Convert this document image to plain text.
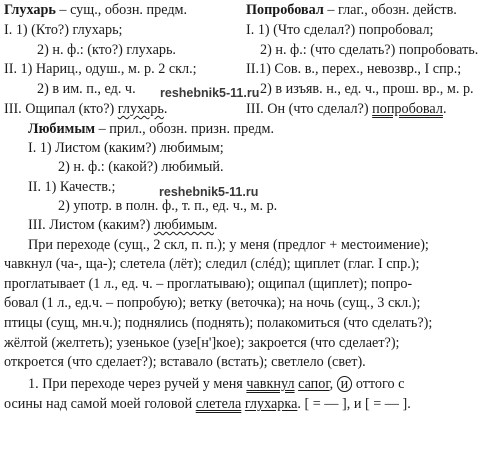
Глухарь – сущ., обозн. предм.
I. 1) (Кто?) глухарь;
2) н. ф.: (кто?) глухарь.
II. 1) Нариц., одуш., м. р. 2 скл.;
2) в им. п., ед. ч.
III. Ощипал (кто?) глухарь.
reshebnik5-11.ru
Попробовал – глаг., обозн. действ.
I. 1) (Что сделал?) попробовал;
2) н. ф.: (что сделать?) попробовать.
II.1) Сов. в., перех., невозвр., I спр.;
2) в изъяв. н., ед. ч., прош. вр., м. р.
III. Он (что сделал?) попробовал.
Любимым – прил., обозн. призн. предм.
I. 1) Листом (каким?) любимым;
2) н. ф.: (какой?) любимый.
II. 1) Качеств.;
2) употр. в полн. ф., т. п., ед. ч., м. р.
III. Листом (каким?) любимым.
reshebnik5-11.ru
При переходе (сущ., 2 скл, п. п.); у меня (предлог + местоимение);
чавкнул (ча-, ща-); слетела (лёт); следил (слéд); щиплет (глаг. I спр.);
проглатывает (1 л., ед. ч. – проглатываю); ощипал (щиплет); попро-
бовал (1 л., ед.ч. – попробую); ветку (веточка); на ночь (сущ., 3 скл.);
птицы (сущ, мн.ч.); поднялись (поднять); полакомиться (что сделать?);
жёлтой (желтеть); узенькое (узе[н']кое); закроется (что сделает?);
откроется (что сделает?); вставало (встать); светлело (свет).
1. При переходе через ручей у меня чавкнул сапог, и оттого с
осины над самой моей головой слетела глухарка. [ = — ], и [ = — ].
